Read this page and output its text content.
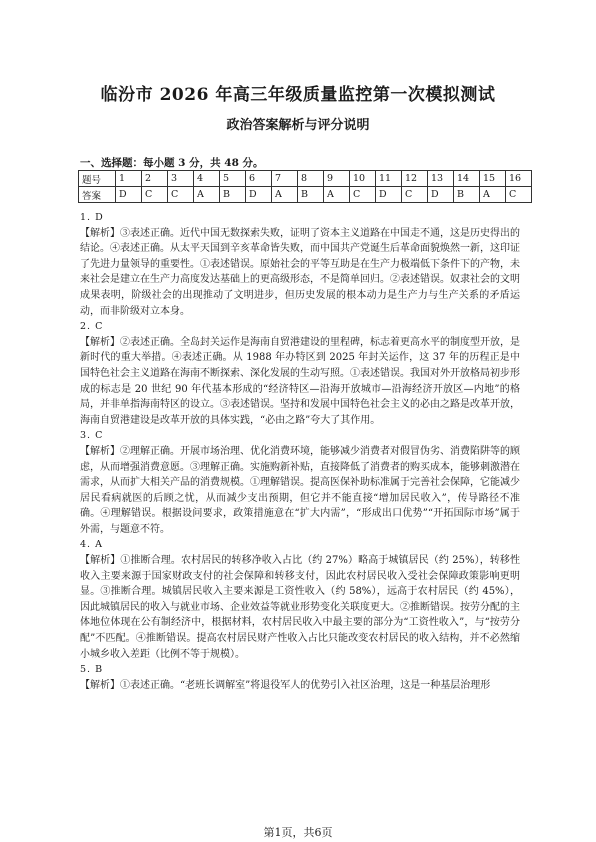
临汾市 2026 年高三年级质量监控第一次模拟测试
政治答案解析与评分说明
一、选择题：每小题 3 分，共 48 分。
题号	1	2	3	4	5	6	7	8	9	10	11	12	13	14	15	16
答案	D	C	C	A	B	D	A	B	A	C	D	C	D	B	A	C

1. D

【解析】③表述正确。近代中国无数探索失败，证明了资本主义道路在中国走不通，这是历史得出的结论。④表述正确。从太平天国到辛亥革命皆失败，而中国共产党诞生后革命面貌焕然一新，这印证了先进力量领导的重要性。①表述错误。原始社会的平等互助是在生产力极端低下条件下的产物，未来社会是建立在生产力高度发达基础上的更高级形态，不是简单回归。②表述错误。奴隶社会的文明成果表明，阶级社会的出现推动了文明进步，但历史发展的根本动力是生产力与生产关系的矛盾运动，而非阶级对立本身。

2. C

【解析】②表述正确。全岛封关运作是海南自贸港建设的里程碑，标志着更高水平的制度型开放，是新时代的重大举措。④表述正确。从 1988 年办特区到 2025 年封关运作，这 37 年的历程正是中国特色社会主义道路在海南不断探索、深化发展的生动写照。①表述错误。我国对外开放格局初步形成的标志是 20 世纪 90 年代基本形成的“经济特区—沿海开放城市—沿海经济开放区—内地”的格局，并非单指海南特区的设立。③表述错误。坚持和发展中国特色社会主义的必由之路是改革开放，海南自贸港建设是改革开放的具体实践，“必由之路”夸大了其作用。

3. C

【解析】②理解正确。开展市场治理、优化消费环境，能够减少消费者对假冒伪劣、消费陷阱等的顾虑，从而增强消费意愿。③理解正确。实施购新补贴，直接降低了消费者的购买成本，能够刺激潜在需求，从而扩大相关产品的消费规模。①理解错误。提高医保补助标准属于完善社会保障，它能减少居民看病就医的后顾之忧，从而减少支出预期，但它并不能直接“增加居民收入”，传导路径不准确。④理解错误。根据设问要求，政策措施意在“扩大内需”，“形成出口优势”“开拓国际市场”属于外需，与题意不符。

4. A

【解析】①推断合理。农村居民的转移净收入占比（约 27%）略高于城镇居民（约 25%），转移性收入主要来源于国家财政支付的社会保障和转移支付，因此农村居民收入受社会保障政策影响更明显。③推断合理。城镇居民收入主要来源是工资性收入（约 58%），远高于农村居民（约 45%），因此城镇居民的收入与就业市场、企业效益等就业形势变化关联度更大。②推断错误。按劳分配的主体地位体现在公有制经济中，根据材料，农村居民收入中最主要的部分为“工资性收入”，与“按劳分配”不匹配。④推断错误。提高农村居民财产性收入占比只能改变农村居民的收入结构，并不必然缩小城乡收入差距（比例不等于规模）。

5. B

【解析】①表述正确。“老班长调解室”将退役军人的优势引入社区治理，这是一种基层治理形

第1页，共6页
